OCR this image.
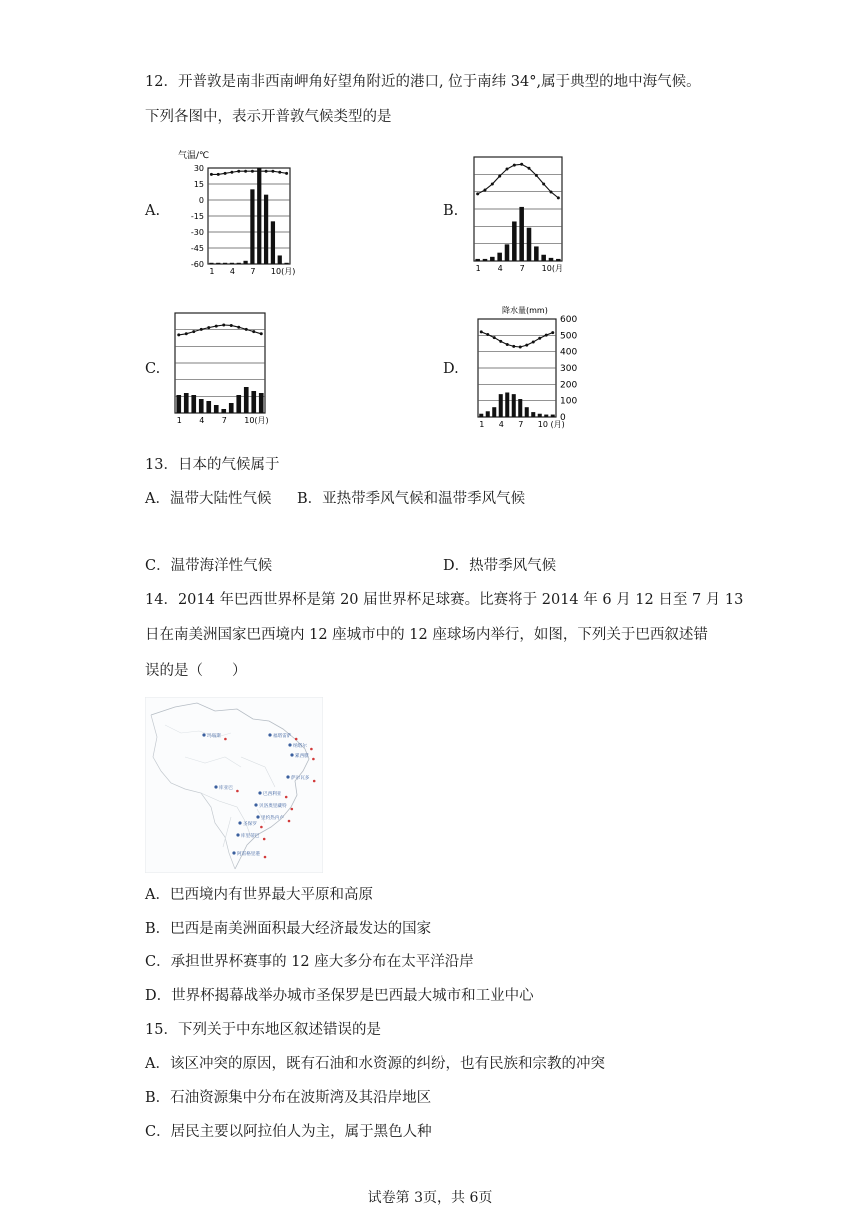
12．开普敦是南非西南岬角好望角附近的港口, 位于南纬 34°,属于典型的地中海气候。
下列各图中，表示开普敦气候类型的是
A.	B.
C.	D.
气温/℃
30
15
0
-15
-30
-45
-60
1 4 7 10(月)	1 4 7 10(月
1 4 7 10(月)
降水量(mm)
600
500
400
300
200
100
0
1 4 7 10 (月)
13．日本的气候属于
A．温带大陆性气候 B．亚热带季风气候和温带季风气候
C．温带海洋性气候	D．热带季风气候
14．2014 年巴西世界杯是第 20 届世界杯足球赛。比赛将于 2014 年 6 月 12 日至 7 月 13
日在南美洲国家巴西境内 12 座城市中的 12 座球场内举行，如图，下列关于巴西叙述错
误的是（　　）
玛瑙斯	福塔雷萨
纳塔尔
累西腓
萨尔瓦多
库亚巴
巴西利亚
贝洛奥里藏特
里约热内卢
圣保罗
库里蒂巴
阿雷格里港
A．巴西境内有世界最大平原和高原
B．巴西是南美洲面积最大经济最发达的国家
C．承担世界杯赛事的 12 座大多分布在太平洋沿岸
D．世界杯揭幕战举办城市圣保罗是巴西最大城市和工业中心
15．下列关于中东地区叙述错误的是
A．该区冲突的原因，既有石油和水资源的纠纷，也有民族和宗教的冲突
B．石油资源集中分布在波斯湾及其沿岸地区
C．居民主要以阿拉伯人为主，属于黑色人种
试卷第 3页，共 6页
